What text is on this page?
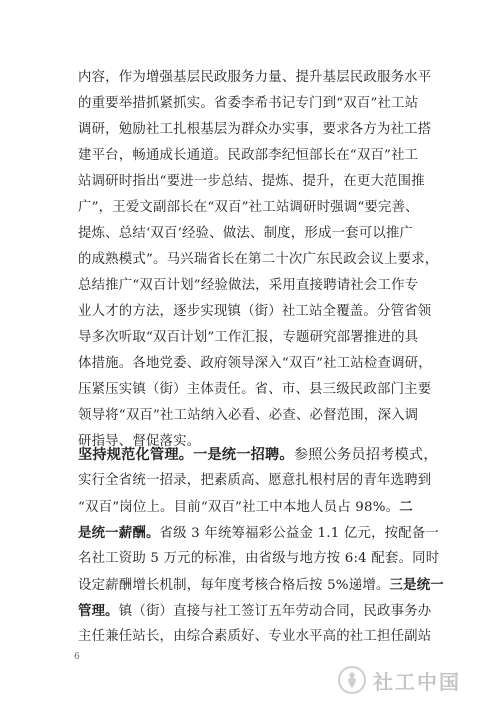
内容，作为增强基层民政服务力量、提升基层民政服务水平
的重要举措抓紧抓实。省委李希书记专门到“双百”社工站
调研，勉励社工扎根基层为群众办实事，要求各方为社工搭
建平台，畅通成长通道。民政部李纪恒部长在“双百”社工
站调研时指出“要进一步总结、提炼、提升，在更大范围推
广”，王爱文副部长在“双百”社工站调研时强调“要完善、
提炼、总结‘双百’经验、做法、制度，形成一套可以推广
的成熟模式”。马兴瑞省长在第二十次广东民政会议上要求，
总结推广“双百计划”经验做法，采用直接聘请社会工作专
业人才的方法，逐步实现镇（街）社工站全覆盖。分管省领
导多次听取“双百计划”工作汇报，专题研究部署推进的具
体措施。各地党委、政府领导深入“双百”社工站检查调研，
压紧压实镇（街）主体责任。省、市、县三级民政部门主要
领导将“双百”社工站纳入必看、必查、必督范围，深入调
研指导、督促落实。
坚持规范化管理。一是统一招聘。参照公务员招考模式，
实行全省统一招录，把素质高、愿意扎根村居的青年选聘到
“双百”岗位上。目前“双百”社工中本地人员占 98%。二
是统一薪酬。省级 3 年统筹福彩公益金 1.1 亿元，按配备一
名社工资助 5 万元的标准，由省级与地方按 6:4 配套。同时
设定薪酬增长机制，每年度考核合格后按 5%递增。三是统一
管理。镇（街）直接与社工签订五年劳动合同，民政事务办
主任兼任站长，由综合素质好、专业水平高的社工担任副站
6
社工中国
